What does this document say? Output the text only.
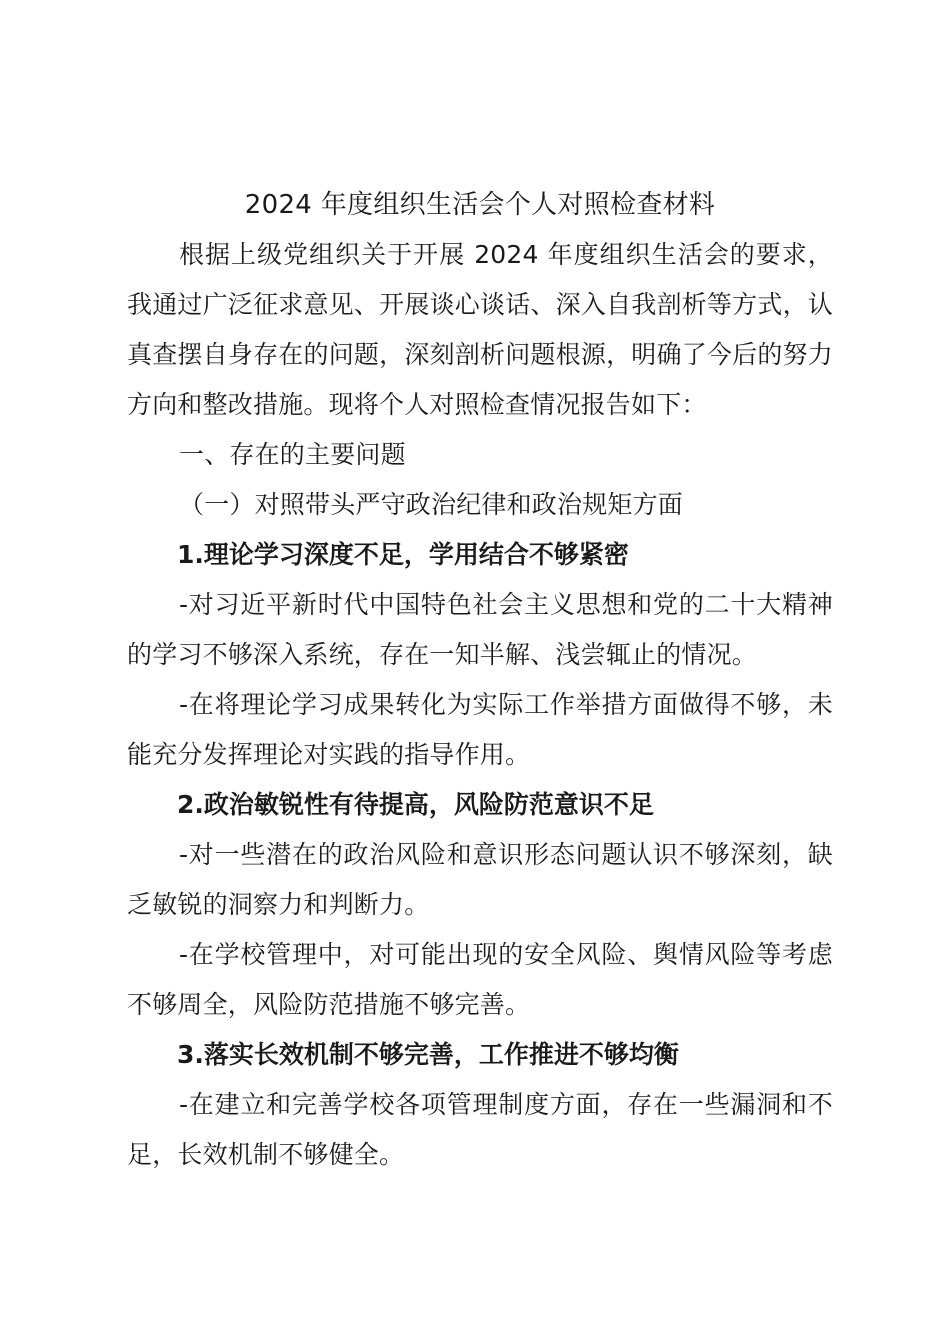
2024 年度组织生活会个人对照检查材料

根据上级党组织关于开展 2024 年度组织生活会的要求，我通过广泛征求意见、开展谈心谈话、深入自我剖析等方式，认真查摆自身存在的问题，深刻剖析问题根源，明确了今后的努力方向和整改措施。现将个人对照检查情况报告如下：

一、存在的主要问题

（一）对照带头严守政治纪律和政治规矩方面

1.理论学习深度不足，学用结合不够紧密

-对习近平新时代中国特色社会主义思想和党的二十大精神的学习不够深入系统，存在一知半解、浅尝辄止的情况。

-在将理论学习成果转化为实际工作举措方面做得不够，未能充分发挥理论对实践的指导作用。

2.政治敏锐性有待提高，风险防范意识不足

-对一些潜在的政治风险和意识形态问题认识不够深刻，缺乏敏锐的洞察力和判断力。

-在学校管理中，对可能出现的安全风险、舆情风险等考虑不够周全，风险防范措施不够完善。

3.落实长效机制不够完善，工作推进不够均衡

-在建立和完善学校各项管理制度方面，存在一些漏洞和不足，长效机制不够健全。
